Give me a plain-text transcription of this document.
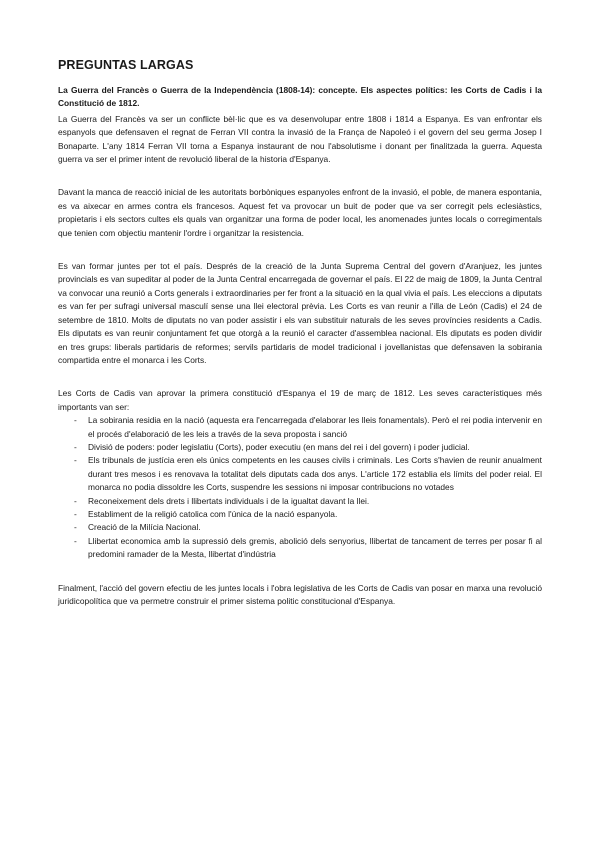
PREGUNTAS LARGAS
La Guerra del Francès o Guerra de la Independència (1808-14): concepte. Els aspectes polítics: les Corts de Cadis i la Constitució de 1812.

La Guerra del Francès va ser un conflicte bèl·lic que es va desenvolupar entre 1808 i 1814 a Espanya. Es van enfrontar els espanyols que defensaven el regnat de Ferran VII contra la invasió de la França de Napoleó i el govern del seu germa Josep I Bonaparte. L'any 1814 Ferran VII torna a Espanya instaurant de nou l'absolutisme i donant per finalitzada la guerra. Aquesta guerra va ser el primer intent de revolució liberal de la historia d'Espanya.

Davant la manca de reacció inicial de les autoritats borbòniques espanyoles enfront de la invasió, el poble, de manera espontania, es va aixecar en armes contra els francesos. Aquest fet va provocar un buit de poder que va ser corregit pels eclesiàstics, propietaris i els sectors cultes els quals van organitzar una forma de poder local, les anomenades juntes locals o corregimentals que tenien com objectiu mantenir l'ordre i organitzar la resistencia.

Es van formar juntes per tot el país. Després de la creació de la Junta Suprema Central del govern d'Aranjuez, les juntes provincials es van supeditar al poder de la Junta Central encarregada de governar el país. El 22 de maig de 1809, la Junta Central va convocar una reunió a Corts generals i extraordinaries per fer front a la situació en la qual vivia el país. Les eleccions a diputats es van fer per sufragi universal masculí sense una llei electoral prèvia. Les Corts es van reunir a l'illa de León (Cadis) el 24 de setembre de 1810. Molts de diputats no van poder assistir i els van substituir naturals de les seves províncies residents a Cadis. Els diputats es van reunir conjuntament fet que otorgà a la reunió el caracter d'assemblea nacional. Els diputats es poden dividir en tres grups: liberals partidaris de reformes; servils partidaris de model tradicional i jovellanistas que defensaven la sobirania compartida entre el monarca i les Corts.

Les Corts de Cadis van aprovar la primera constitució d'Espanya el 19 de març de 1812. Les seves característiques més importants van ser:

-	La sobirania residia en la nació (aquesta era l'encarregada d'elaborar les lleis fonamentals). Però el rei podia intervenir en el procés d'elaboració de les leis a través de la seva proposta i sanció
-	Divisió de poders: poder legislatiu (Corts), poder executiu (en mans del rei i del govern) i poder judicial.
-	Els tribunals de justícia eren els únics competents en les causes civils i criminals. Les Corts s'havien de reunir anualment durant tres mesos i es renovava la totalitat dels diputats cada dos anys. L'article 172 establia els límits del poder reial. El monarca no podia dissoldre les Corts, suspendre les sessions ni imposar contribucions no votades
-	Reconeixement dels drets i llibertats individuals i de la igualtat davant la llei.
-	Establiment de la religió catolica com l'única de la nació espanyola.
-	Creació de la Milícia Nacional.
-	Llibertat economica amb la supressió dels gremis, abolició dels senyorius, llibertat de tancament de terres per posar fi al predomini ramader de la Mesta, llibertat d'indústria

Finalment, l'acció del govern efectiu de les juntes locals i l'obra legislativa de les Corts de Cadis van posar en marxa una revolució juridicopolítica que va permetre construir el primer sistema politic constitucional d'Espanya.
